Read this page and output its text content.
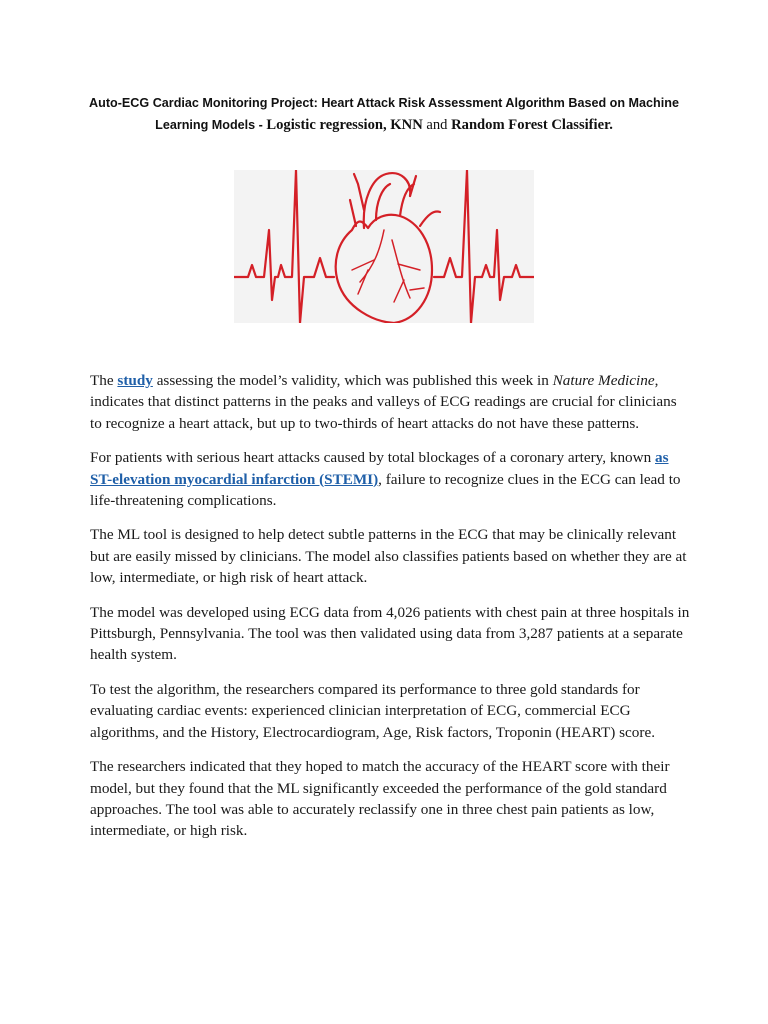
Auto-ECG Cardiac Monitoring Project: Heart Attack Risk Assessment Algorithm Based on Machine Learning Models - Logistic regression, KNN and Random Forest Classifier.

The study assessing the model’s validity, which was published this week in Nature Medicine, indicates that distinct patterns in the peaks and valleys of ECG readings are crucial for clinicians to recognize a heart attack, but up to two-thirds of heart attacks do not have these patterns.

For patients with serious heart attacks caused by total blockages of a coronary artery, known as ST-elevation myocardial infarction (STEMI), failure to recognize clues in the ECG can lead to life-threatening complications.

The ML tool is designed to help detect subtle patterns in the ECG that may be clinically relevant but are easily missed by clinicians. The model also classifies patients based on whether they are at low, intermediate, or high risk of heart attack.

The model was developed using ECG data from 4,026 patients with chest pain at three hospitals in Pittsburgh, Pennsylvania. The tool was then validated using data from 3,287 patients at a separate health system.

To test the algorithm, the researchers compared its performance to three gold standards for evaluating cardiac events: experienced clinician interpretation of ECG, commercial ECG algorithms, and the History, Electrocardiogram, Age, Risk factors, Troponin (HEART) score.

The researchers indicated that they hoped to match the accuracy of the HEART score with their model, but they found that the ML significantly exceeded the performance of the gold standard approaches. The tool was able to accurately reclassify one in three chest pain patients as low, intermediate, or high risk.
